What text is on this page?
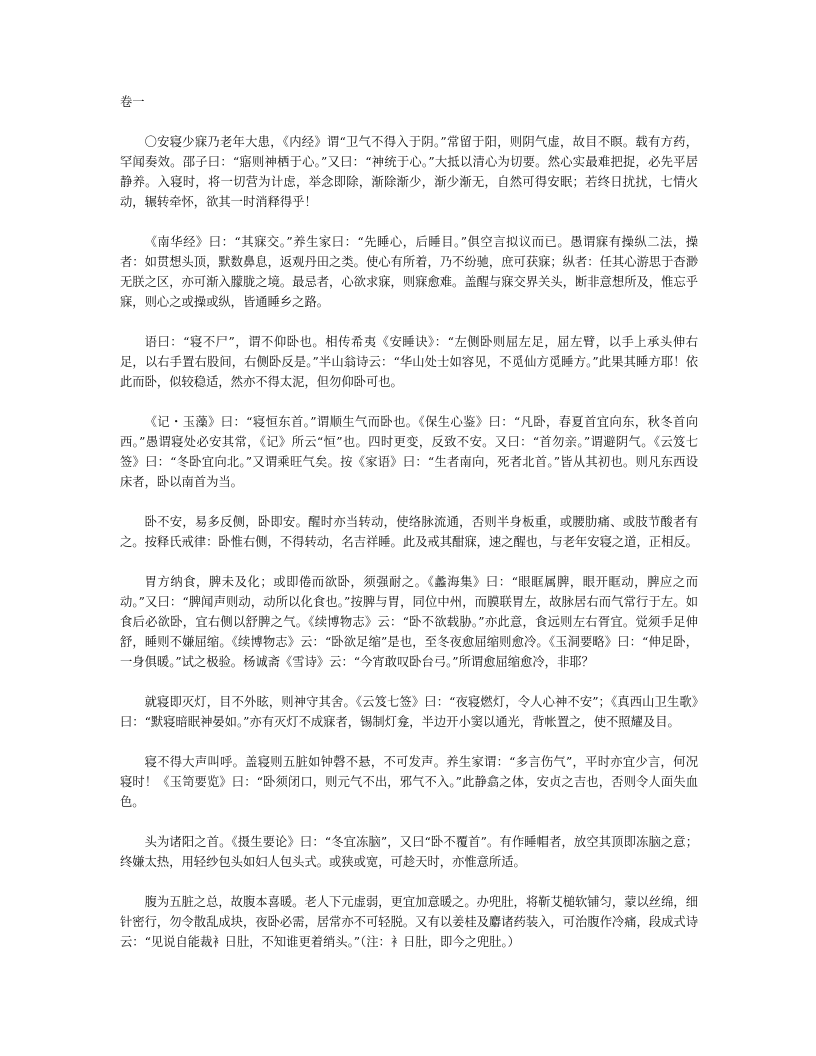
卷一

〇安寝少寐乃老年大患，《内经》谓“卫气不得入于阴。”常留于阳，则阴气虚，故目不瞑。载有方药，罕闻奏效。邵子曰：“寤则神栖于心。”又曰：“神统于心。”大抵以清心为切要。然心实最难把捉，必先平居静养。入寝时，将一切营为计虑，举念即除，渐除渐少，渐少渐无，自然可得安眠；若终日扰扰，七情火动，辗转牵怀，欲其一时消释得乎！

《南华经》曰：“其寐交。”养生家曰：“先睡心，后睡目。”俱空言拟议而已。愚谓寐有操纵二法，操者：如贯想头顶，默数鼻息，返观丹田之类。使心有所着，乃不纷驰，庶可获寐；纵者：任其心游思于杳渺无朕之区，亦可渐入朦胧之境。最忌者，心欲求寐，则寐愈难。盖醒与寐交界关头，断非意想所及，惟忘乎寐，则心之或操或纵，皆通睡乡之路。

语曰：“寝不尸”，谓不仰卧也。相传希夷《安睡诀》：“左侧卧则屈左足，屈左臂，以手上承头伸右足，以右手置右股间，右侧卧反是。”半山翁诗云：“华山处士如容见，不觅仙方觅睡方。”此果其睡方耶！依此而卧，似较稳适，然亦不得太泥，但勿仰卧可也。

《记・玉藻》曰：“寝恒东首。”谓顺生气而卧也。《保生心鉴》曰：“凡卧，春夏首宜向东，秋冬首向西。”愚谓寝处必安其常，《记》所云“恒”也。四时更变，反致不安。又曰：“首勿亲。”谓避阴气。《云笈七签》曰：“冬卧宜向北。”又谓乘旺气矣。按《家语》曰：“生者南向，死者北首。”皆从其初也。则凡东西设床者，卧以南首为当。

卧不安，易多反侧，卧即安。醒时亦当转动，使络脉流通，否则半身板重，或腰肋痛、或肢节酸者有之。按释氏戒律：卧惟右侧，不得转动，名吉祥睡。此及戒其酣寐，速之醒也，与老年安寝之道，正相反。

胃方纳食，脾未及化；或即倦而欲卧，须强耐之。《蠡海集》曰：“眼眶属脾，眼开眶动，脾应之而动。”又曰：“脾闻声则动，动所以化食也。”按脾与胃，同位中州，而膜联胃左，故脉居右而气常行于左。如食后必欲卧，宜右侧以舒脾之气。《续博物志》云：“卧不欲载胁。”亦此意，食远则左右胥宜。觉须手足伸舒，睡则不嫌屈缩。《续博物志》云：“卧欲足缩”是也，至冬夜愈屈缩则愈冷。《玉洞要略》曰：“伸足卧，一身俱暖。”试之极验。杨诚斋《雪诗》云：“今宵敢叹卧台弓。”所谓愈屈缩愈冷，非耶？

就寝即灭灯，目不外眩，则神守其舍。《云笈七签》曰：“夜寝燃灯，令人心神不安”；《真西山卫生歌》曰：“默寝暗眠神晏如。”亦有灭灯不成寐者，锡制灯龛，半边开小窦以通光，背帐置之，使不照耀及目。

寝不得大声叫呼。盖寝则五脏如钟磬不悬，不可发声。养生家谓：“多言伤气”，平时亦宜少言，何况寝时！《玉笥要览》曰：“卧须闭口，则元气不出，邪气不入。”此静翕之体，安贞之吉也，否则令人面失血色。

头为诸阳之首。《摄生要论》曰：“冬宜冻脑”，又曰“卧不覆首”。有作睡帽者，放空其顶即冻脑之意；终嫌太热，用轻纱包头如妇人包头式。或狭或宽，可趁天时，亦惟意所适。

腹为五脏之总，故腹本喜暖。老人下元虚弱，更宜加意暖之。办兜肚，将靳艾槌软铺匀，蒙以丝绵，细针密行，勿令散乱成块，夜卧必需，居常亦不可轻脱。又有以姜桂及麝诸药装入，可治腹作冷痛，段成式诗云：“见说自能裁衤日肚，不知谁更着绡头。”（注：衤日肚，即今之兜肚。）
